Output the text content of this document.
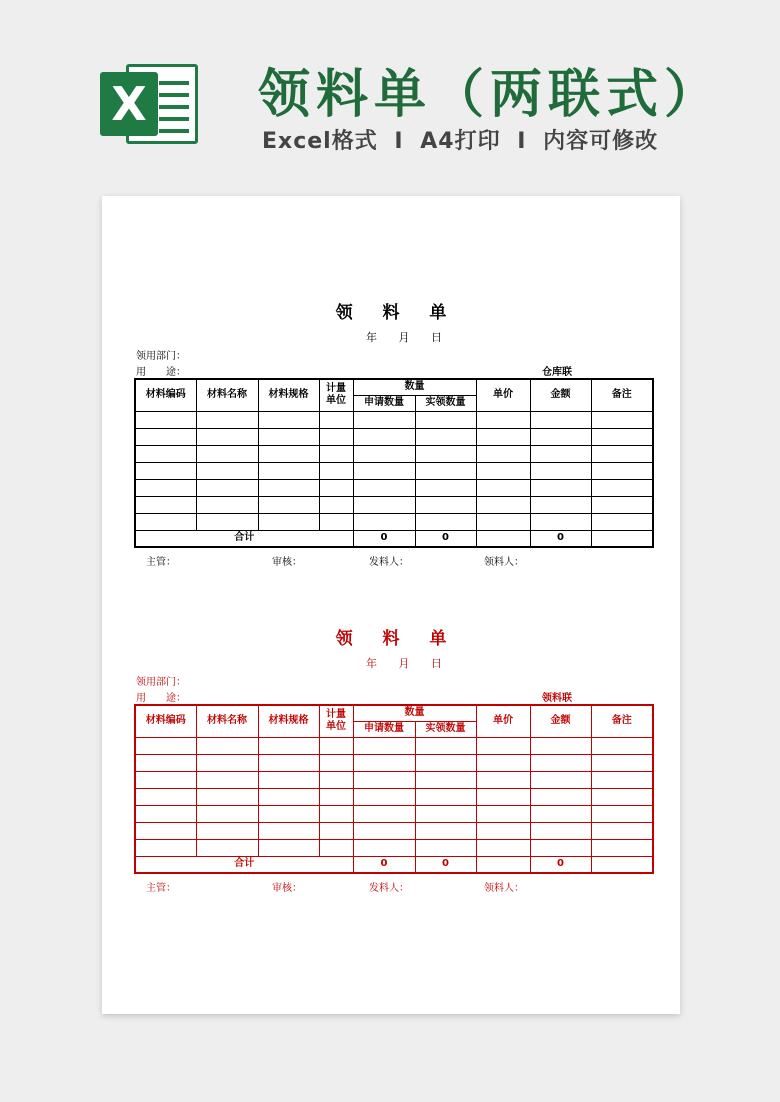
X 领料单（两联式）
Excel格式 I A4打印 I 内容可修改
领 料 单
年 月 日
领用部门：
用　　途：	仓库联
材料编码	材料名称	材料规格	计量单位	数量		单价	金额	备注
				申请数量	实领数量			

合计				0	0		0	
主管：	审核：	发料人：	领料人：
领 料 单
年 月 日
领用部门：
用　　途：	领料联
材料编码	材料名称	材料规格	计量单位	数量		单价	金额	备注
				申请数量	实领数量			

合计				0	0		0	
主管：	审核：	发料人：	领料人：
